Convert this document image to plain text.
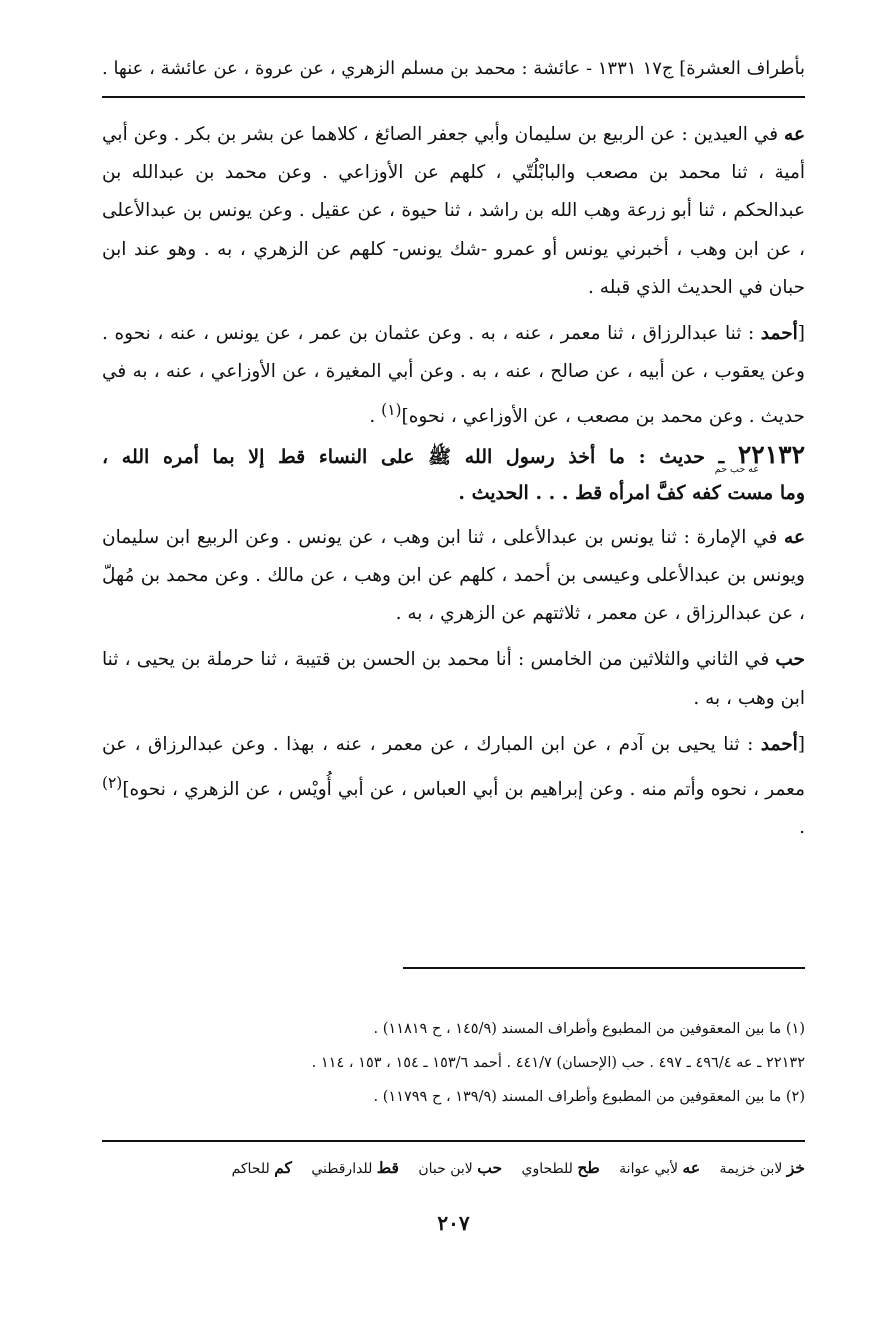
بأطراف العشرة] ج١٧
١٣٣١ - عائشة : محمد بن مسلم الزهري ، عن عروة ، عن عائشة ، عنها .

عه في العيدين : عن الربيع بن سليمان وأبي جعفر الصائغ ، كلاهما عن بشر بن بكر . وعن أبي أمية ، ثنا محمد بن مصعب والبابْلُتّي ، كلهم عن الأوزاعي . وعن محمد بن عبدالله بن عبدالحكم ، ثنا أبو زرعة وهب الله بن راشد ، ثنا حيوة ، عن عقيل . وعن يونس بن عبدالأعلى ، عن ابن وهب ، أخبرني يونس أو عمرو -شك يونس- كلهم عن الزهري ، به . وهو عند ابن حبان في الحديث الذي قبله .

[أحمد : ثنا عبدالرزاق ، ثنا معمر ، عنه ، به . وعن عثمان بن عمر ، عن يونس ، عنه ، نحوه . وعن يعقوب ، عن أبيه ، عن صالح ، عنه ، به . وعن أبي المغيرة ، عن الأوزاعي ، عنه ، به في حديث . وعن محمد بن مصعب ، عن الأوزاعي ، نحوه]$^{(١)}$ .

٢٢١٣٢ ـ حديث : ما أخذ رسول الله ﷺ على النساء قط إلا بما أمره الله ،
وما مست كفه كفَّ امرأه قط . . . الحديث .
عه حب حم

عه في الإمارة : ثنا يونس بن عبدالأعلى ، ثنا ابن وهب ، عن يونس . وعن الربيع ابن سليمان ويونس بن عبدالأعلى وعيسى بن أحمد ، كلهم عن ابن وهب ، عن مالك . وعن محمد بن مُهلّ ، عن عبدالرزاق ، عن معمر ، ثلاثتهم عن الزهري ، به .

حب في الثاني والثلاثين من الخامس : أنا محمد بن الحسن بن قتيبة ، ثنا حرملة بن يحيى ، ثنا ابن وهب ، به .

[أحمد : ثنا يحيى بن آدم ، عن ابن المبارك ، عن معمر ، عنه ، بهذا . وعن عبدالرزاق ، عن معمر ، نحوه وأتم منه . وعن إبراهيم بن أبي العباس ، عن أبي أُويْس ، عن الزهري ، نحوه]$^{(٢)}$ .

(١) ما بين المعقوفين من المطبوع وأطراف المسند (١٤٥/٩ ، ح ١١٨١٩) .

٢٢١٣٢ ـ عه ٤٩٦/٤ ـ ٤٩٧ . حب (الإحسان) ٤٤١/٧ . أحمد ١٥٣/٦ ـ ١٥٤ ، ١٥٣ ، ١١٤ .

(٢) ما بين المعقوفين من المطبوع وأطراف المسند (١٣٩/٩ ، ح ١١٧٩٩) .

خز لابن خزيمة عه لأبي عوانة طح للطحاوي حب لابن حبان قط للدارقطني كم للحاكم
٢٠٧
